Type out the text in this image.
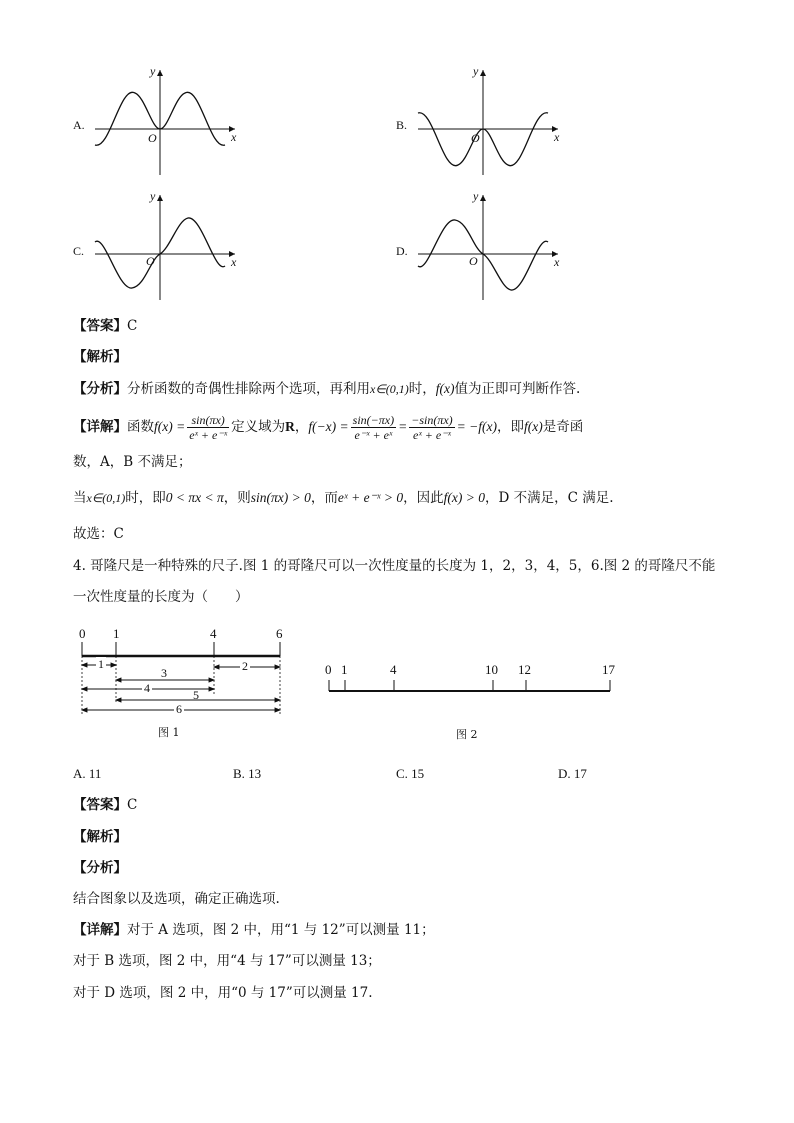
A.
y
x
O
B.
y
x
O
C.
y
x
O
D.
y
x
O
【答案】C
【解析】
【分析】分析函数的奇偶性排除两个选项，再利用x∈(0,1)时，f(x)值为正即可判断作答.
【详解】函数$f(x) = \frac{\sin(\pi x)}{\text{eˣ + e⁻ˣ}}$ 定义域为R，$f(-x) = \frac{\sin(-\pi x)}{\text{e⁻ˣ + eˣ}} = \frac{-\sin(\pi x)}{\text{eˣ + e⁻ˣ}} = -f(x)$，即f(x)是奇函
数，A，B 不满足；
当x∈(0,1)时，即0 < πx < π，则sin(πx) > 0，而eˣ + e⁻ˣ > 0，因此f(x) > 0，D 不满足，C 满足.
故选：C
4. 哥隆尺是一种特殊的尺子.图 1 的哥隆尺可以一次性度量的长度为 1，2，3，4，5，6.图 2 的哥隆尺不能
一次性度量的长度为（　　）
0 1	4	6
1	2
3
4	5
6
图 1
0 1	4	10 12	17
图 2
A. 11	B. 13	C. 15	D. 17
【答案】C
【解析】
【分析】
结合图象以及选项，确定正确选项.
【详解】对于 A 选项，图 2 中，用“1 与 12”可以测量 11；
对于 B 选项，图 2 中，用“4 与 17”可以测量 13；
对于 D 选项，图 2 中，用“0 与 17”可以测量 17.
